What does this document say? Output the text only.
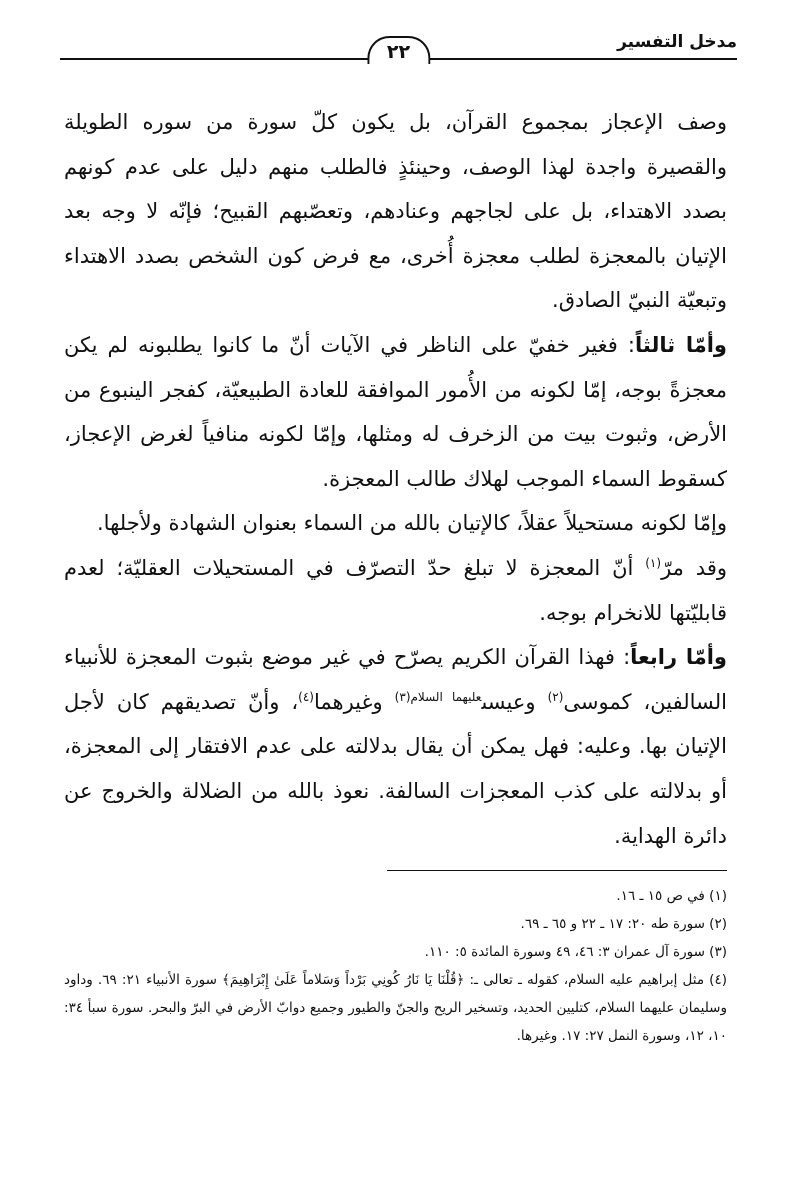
مدخل التفسير
٢٢

وصف الإعجاز بمجموع القرآن، بل يكون كلّ سورة من سوره الطويلة والقصيرة واجدة لهذا الوصف، وحينئذٍ فالطلب منهم دليل على عدم كونهم بصدد الاهتداء، بل على لجاجهم وعنادهم، وتعصّبهم القبيح؛ فإنّه لا وجه بعد الإتيان بالمعجزة لطلب معجزة أُخرى، مع فرض كون الشخص بصدد الاهتداء وتبعيّة النبيّ الصادق.

وأمّا ثالثاً: فغير خفيّ على الناظر في الآيات أنّ ما كانوا يطلبونه لم يكن معجزةً بوجه، إمّا لكونه من الأُمور الموافقة للعادة الطبيعيّة، كفجر الينبوع من الأرض، وثبوت بيت من الزخرف له ومثلها، وإمّا لكونه منافياً لغرض الإعجاز، كسقوط السماء الموجب لهلاك طالب المعجزة.

وإمّا لكونه مستحيلاً عقلاً، كالإتيان بالله من السماء بعنوان الشهادة ولأجلها.

وقد مرّ$^{(١)}$ أنّ المعجزة لا تبلغ حدّ التصرّف في المستحيلات العقليّة؛ لعدم قابليّتها للانخرام بوجه.

وأمّا رابعاً: فهذا القرآن الكريم يصرّح في غير موضع بثبوت المعجزة للأنبياء السالفين، كموسى$^{(٢)}$ وعيسى$^{عليهما السلام(٣)}$ وغيرهما$^{(٤)}$، وأنّ تصديقهم كان لأجل الإتيان بها. وعليه: فهل يمكن أن يقال بدلالته على عدم الافتقار إلى المعجزة، أو بدلالته على كذب المعجزات السالفة. نعوذ بالله من الضلالة والخروج عن دائرة الهداية.

(١) في ص ١٥ ـ ١٦.

(٢) سورة طه ٢٠: ١٧ ـ ٢٢ و ٦٥ ـ ٦٩.

(٣) سورة آل عمران ٣: ٤٦، ٤٩ وسورة المائدة ٥: ١١٠.

(٤) مثل إبراهيم عليه السلام، كقوله ـ تعالى ـ: ﴿قُلْنَا يَا نَارُ كُونِي بَرْداً وَسَلاماً عَلَىٰ إِبْرَاهِيمَ﴾ سورة الأنبياء ٢١: ٦٩. وداود وسليمان عليهما السلام، كتليين الحديد، وتسخير الريح والجنّ والطيور وجميع دوابّ الأرض في البرّ والبحر. سورة سبأ ٣٤: ١٠، ١٢، وسورة النمل ٢٧: ١٧. وغيرها.
